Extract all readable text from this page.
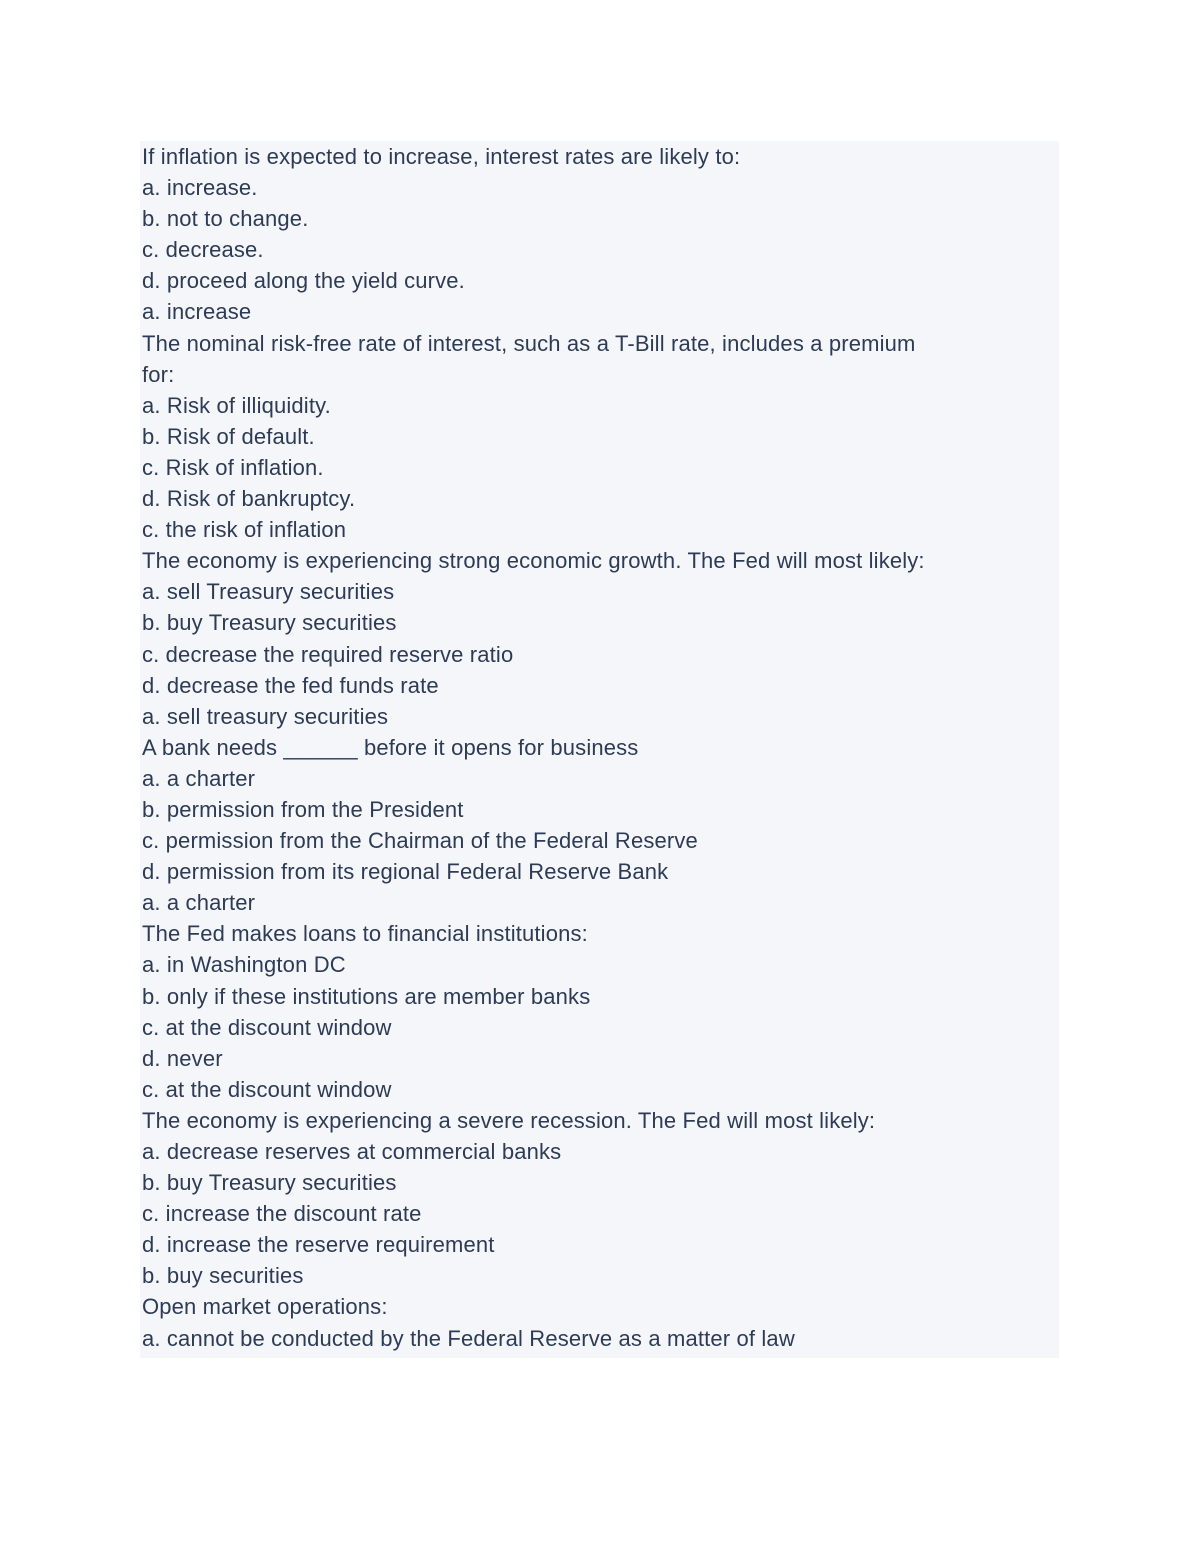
If inflation is expected to increase, interest rates are likely to:
a. increase.
b. not to change.
c. decrease.
d. proceed along the yield curve.
a. increase
The nominal risk-free rate of interest, such as a T-Bill rate, includes a premium
for:
a. Risk of illiquidity.
b. Risk of default.
c. Risk of inflation.
d. Risk of bankruptcy.
c. the risk of inflation
The economy is experiencing strong economic growth. The Fed will most likely:
a. sell Treasury securities
b. buy Treasury securities
c. decrease the required reserve ratio
d. decrease the fed funds rate
a. sell treasury securities
A bank needs ______ before it opens for business
a. a charter
b. permission from the President
c. permission from the Chairman of the Federal Reserve
d. permission from its regional Federal Reserve Bank
a. a charter
The Fed makes loans to financial institutions:
a. in Washington DC
b. only if these institutions are member banks
c. at the discount window
d. never
c. at the discount window
The economy is experiencing a severe recession. The Fed will most likely:
a. decrease reserves at commercial banks
b. buy Treasury securities
c. increase the discount rate
d. increase the reserve requirement
b. buy securities
Open market operations:
a. cannot be conducted by the Federal Reserve as a matter of law
